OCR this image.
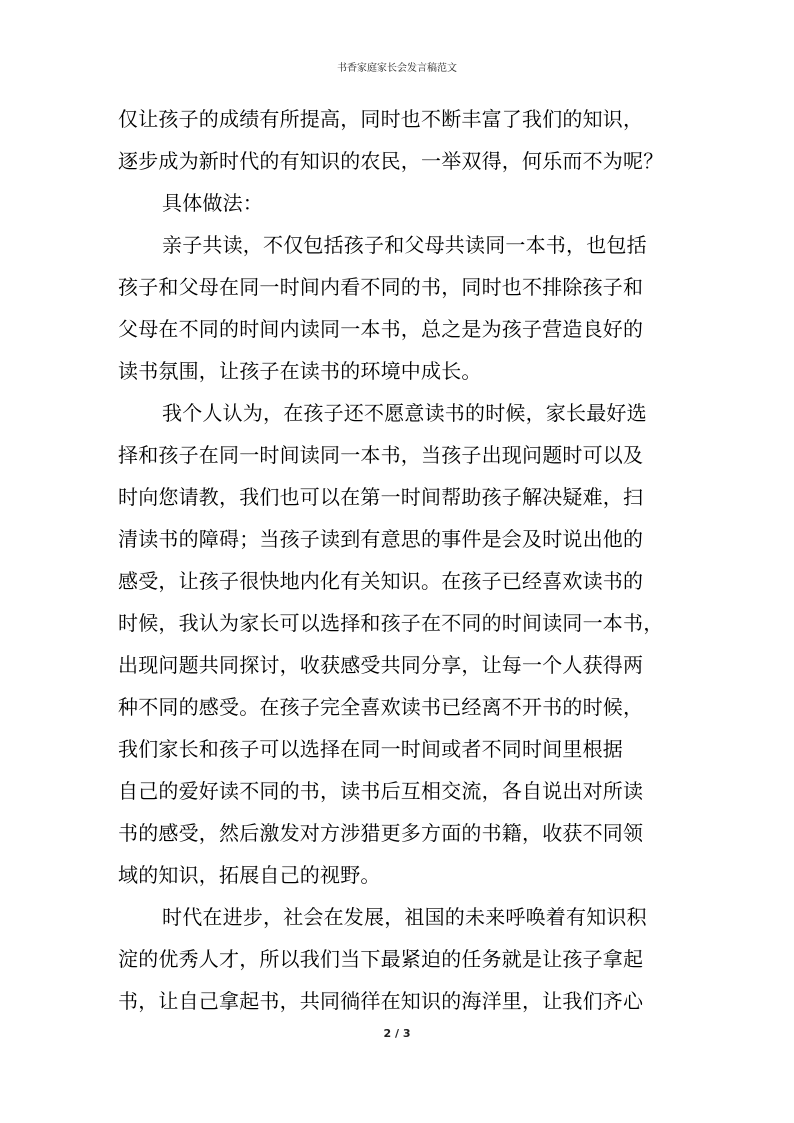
书香家庭家长会发言稿范文
仅让孩子的成绩有所提高，同时也不断丰富了我们的知识，
逐步成为新时代的有知识的农民，一举双得，何乐而不为呢？
具体做法：
亲子共读，不仅包括孩子和父母共读同一本书，也包括
孩子和父母在同一时间内看不同的书，同时也不排除孩子和
父母在不同的时间内读同一本书，总之是为孩子营造良好的
读书氛围，让孩子在读书的环境中成长。
我个人认为，在孩子还不愿意读书的时候，家长最好选
择和孩子在同一时间读同一本书，当孩子出现问题时可以及
时向您请教，我们也可以在第一时间帮助孩子解决疑难，扫
清读书的障碍；当孩子读到有意思的事件是会及时说出他的
感受，让孩子很快地内化有关知识。在孩子已经喜欢读书的
时候，我认为家长可以选择和孩子在不同的时间读同一本书，
出现问题共同探讨，收获感受共同分享，让每一个人获得两
种不同的感受。在孩子完全喜欢读书已经离不开书的时候，
我们家长和孩子可以选择在同一时间或者不同时间里根据
自己的爱好读不同的书，读书后互相交流，各自说出对所读
书的感受，然后激发对方涉猎更多方面的书籍，收获不同领
域的知识，拓展自己的视野。
时代在进步，社会在发展，祖国的未来呼唤着有知识积
淀的优秀人才，所以我们当下最紧迫的任务就是让孩子拿起
书，让自己拿起书，共同徜徉在知识的海洋里，让我们齐心
2 / 3
